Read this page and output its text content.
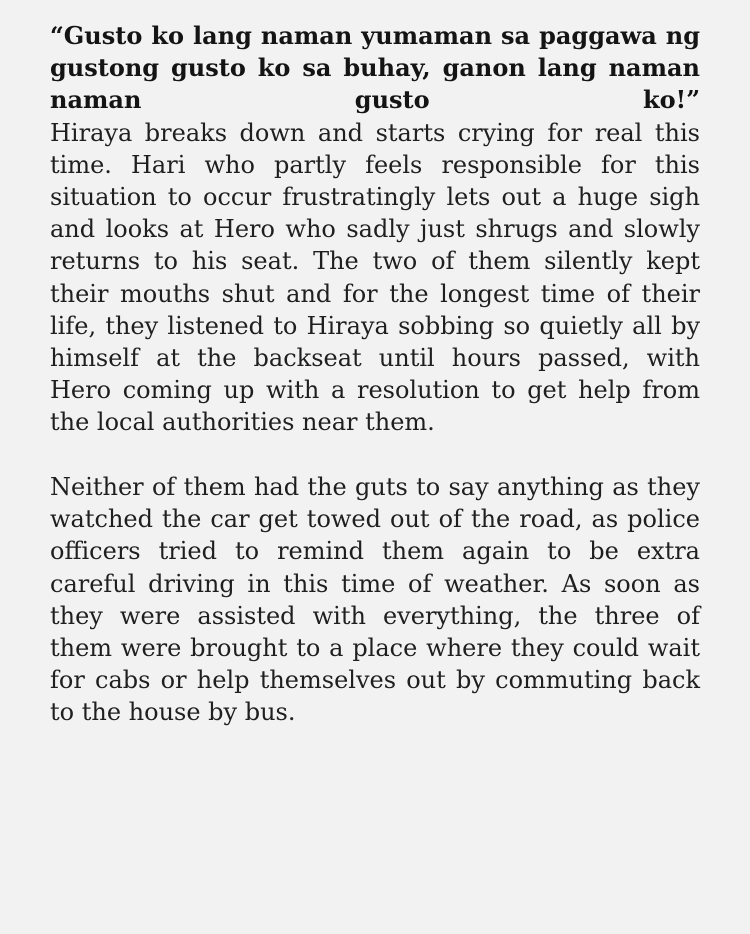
“Gusto ko lang naman yumaman sa paggawa ng gustong gusto ko sa buhay, ganon lang naman naman gusto ko!”

Hiraya breaks down and starts crying for real this time. Hari who partly feels responsible for this situation to occur frustratingly lets out a huge sigh and looks at Hero who sadly just shrugs and slowly returns to his seat. The two of them silently kept their mouths shut and for the longest time of their life, they listened to Hiraya sobbing so quietly all by himself at the backseat until hours passed, with Hero coming up with a resolution to get help from the local authorities near them.

Neither of them had the guts to say anything as they watched the car get towed out of the road, as police officers tried to remind them again to be extra careful driving in this time of weather. As soon as they were assisted with everything, the three of them were brought to a place where they could wait for cabs or help themselves out by commuting back to the house by bus.
